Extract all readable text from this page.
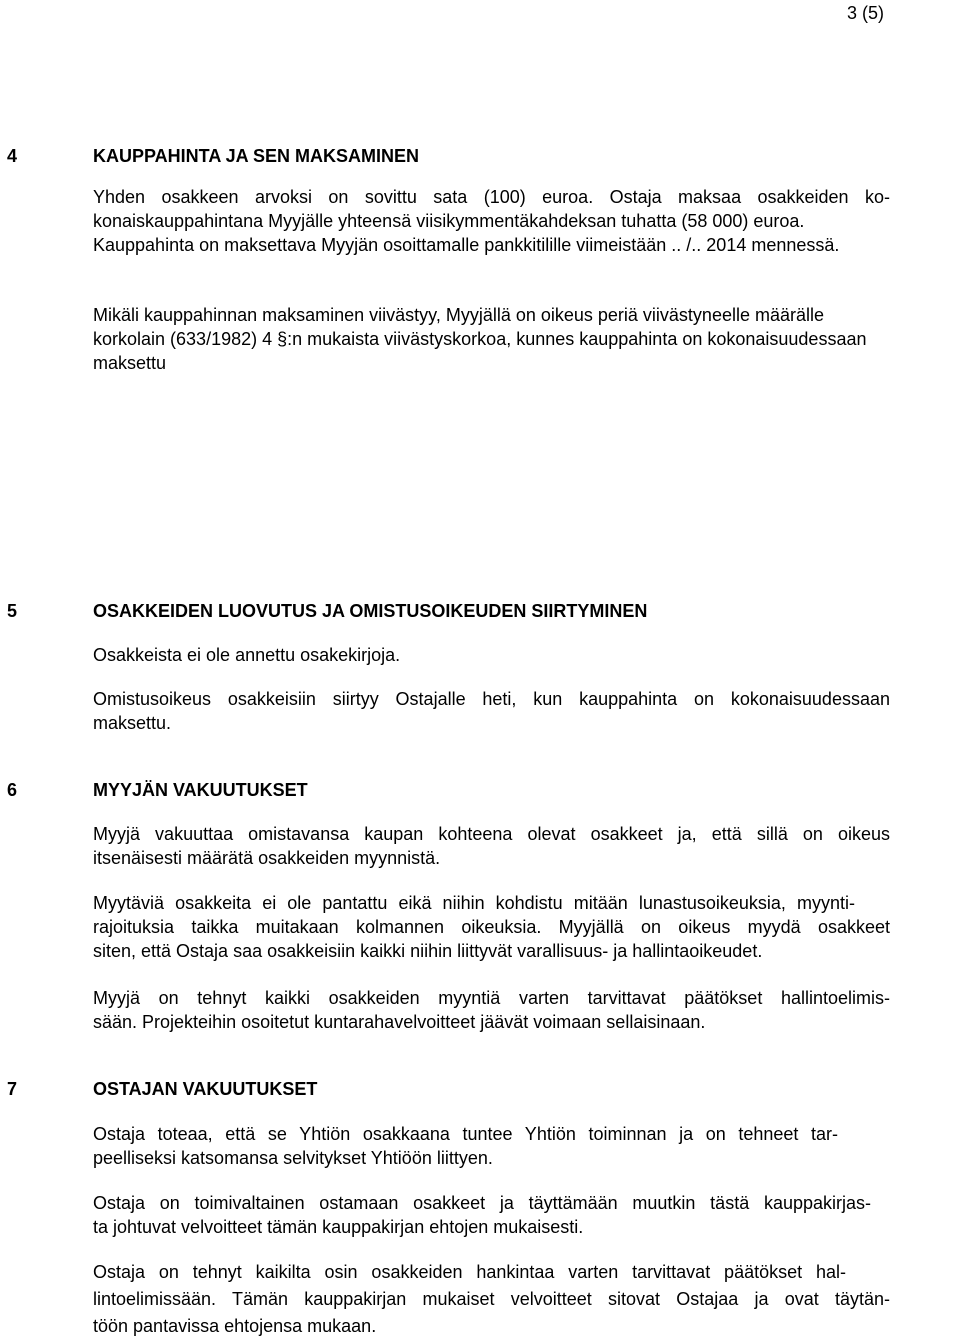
3 (5)
4	KAUPPAHINTA JA SEN MAKSAMINEN
Yhden osakkeen arvoksi on sovittu sata (100) euroa. Ostaja maksaa osakkeiden ko-
konaiskauppahintana Myyjälle yhteensä viisikymmentäkahdeksan tuhatta (58 000) euroa.
Kauppahinta on maksettava Myyjän osoittamalle pankkitilille viimeistään .. /.. 2014 mennessä.
Mikäli kauppahinnan maksaminen viivästyy, Myyjällä on oikeus periä viivästyneelle määrälle
korkolain (633/1982) 4 §:n mukaista viivästyskorkoa, kunnes kauppahinta on kokonaisuudessaan
maksettu
5	OSAKKEIDEN LUOVUTUS JA OMISTUSOIKEUDEN SIIRTYMINEN
Osakkeista ei ole annettu osakekirjoja.
Omistusoikeus osakkeisiin siirtyy Ostajalle heti, kun kauppahinta on kokonaisuudessaan
maksettu.
6	MYYJÄN VAKUUTUKSET
Myyjä vakuuttaa omistavansa kaupan kohteena olevat osakkeet ja, että sillä on oikeus
itsenäisesti määrätä osakkeiden myynnistä.
Myytäviä osakkeita ei ole pantattu eikä niihin kohdistu mitään lunastusoikeuksia, myynti-
rajoituksia taikka muitakaan kolmannen oikeuksia. Myyjällä on oikeus myydä osakkeet
siten, että Ostaja saa osakkeisiin kaikki niihin liittyvät varallisuus- ja hallintaoikeudet.
Myyjä on tehnyt kaikki osakkeiden myyntiä varten tarvittavat päätökset hallintoelimis-
sään. Projekteihin osoitetut kuntarahavelvoitteet jäävät voimaan sellaisinaan.
7	OSTAJAN VAKUUTUKSET
Ostaja toteaa, että se Yhtiön osakkaana tuntee Yhtiön toiminnan ja on tehneet tar-
peelliseksi katsomansa selvitykset Yhtiöön liittyen.
Ostaja on toimivaltainen ostamaan osakkeet ja täyttämään muutkin tästä kauppakirjas-
ta johtuvat velvoitteet tämän kauppakirjan ehtojen mukaisesti.
Ostaja on tehnyt kaikilta osin osakkeiden hankintaa varten tarvittavat päätökset hal-
lintoelimissään. Tämän kauppakirjan mukaiset velvoitteet sitovat Ostajaa ja ovat täytän-
töön pantavissa ehtojensa mukaan.
